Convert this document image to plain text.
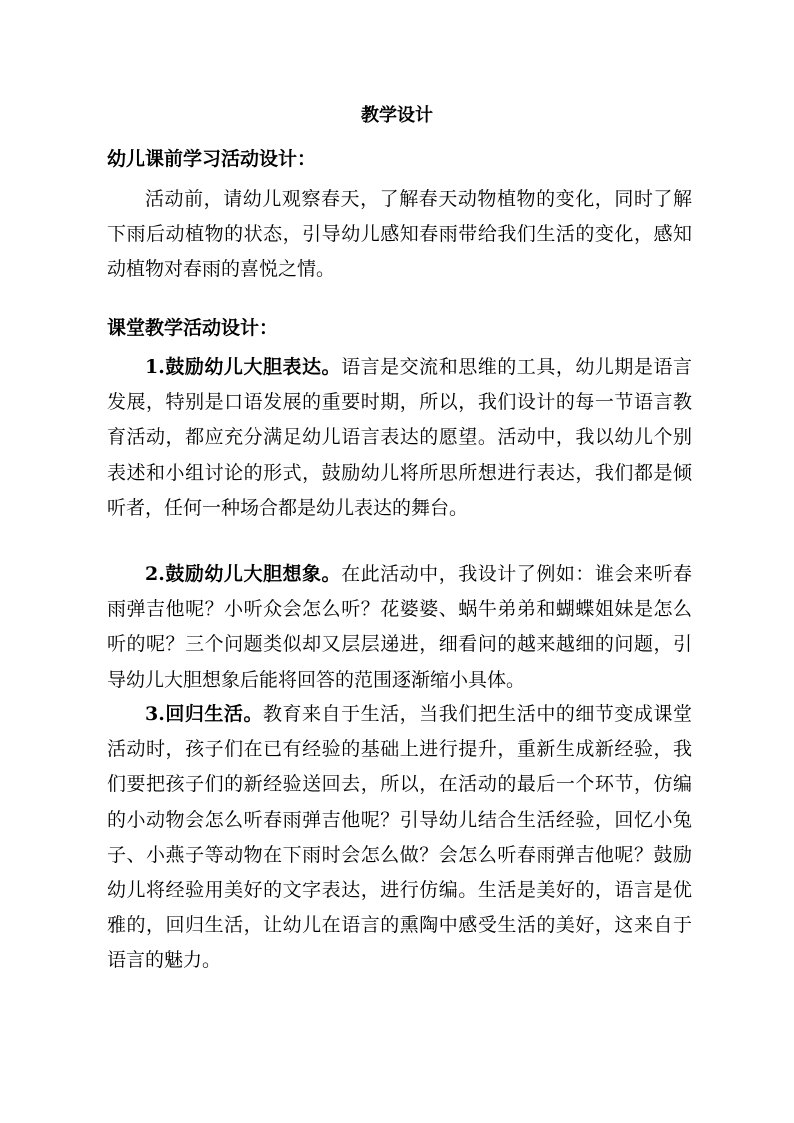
教学设计
幼儿课前学习活动设计：

活动前，请幼儿观察春天，了解春天动物植物的变化，同时了解下雨后动植物的状态，引导幼儿感知春雨带给我们生活的变化，感知动植物对春雨的喜悦之情。

课堂教学活动设计：

1.鼓励幼儿大胆表达。语言是交流和思维的工具，幼儿期是语言发展，特别是口语发展的重要时期，所以，我们设计的每一节语言教育活动，都应充分满足幼儿语言表达的愿望。活动中，我以幼儿个别表述和小组讨论的形式，鼓励幼儿将所思所想进行表达，我们都是倾听者，任何一种场合都是幼儿表达的舞台。

2.鼓励幼儿大胆想象。在此活动中，我设计了例如：谁会来听春雨弹吉他呢？小听众会怎么听？花婆婆、蜗牛弟弟和蝴蝶姐妹是怎么听的呢？三个问题类似却又层层递进，细看问的越来越细的问题，引导幼儿大胆想象后能将回答的范围逐渐缩小具体。

3.回归生活。教育来自于生活，当我们把生活中的细节变成课堂活动时，孩子们在已有经验的基础上进行提升，重新生成新经验，我们要把孩子们的新经验送回去，所以，在活动的最后一个环节，仿编的小动物会怎么听春雨弹吉他呢？引导幼儿结合生活经验，回忆小兔子、小燕子等动物在下雨时会怎么做？会怎么听春雨弹吉他呢？鼓励幼儿将经验用美好的文字表达，进行仿编。生活是美好的，语言是优雅的，回归生活，让幼儿在语言的熏陶中感受生活的美好，这来自于语言的魅力。
